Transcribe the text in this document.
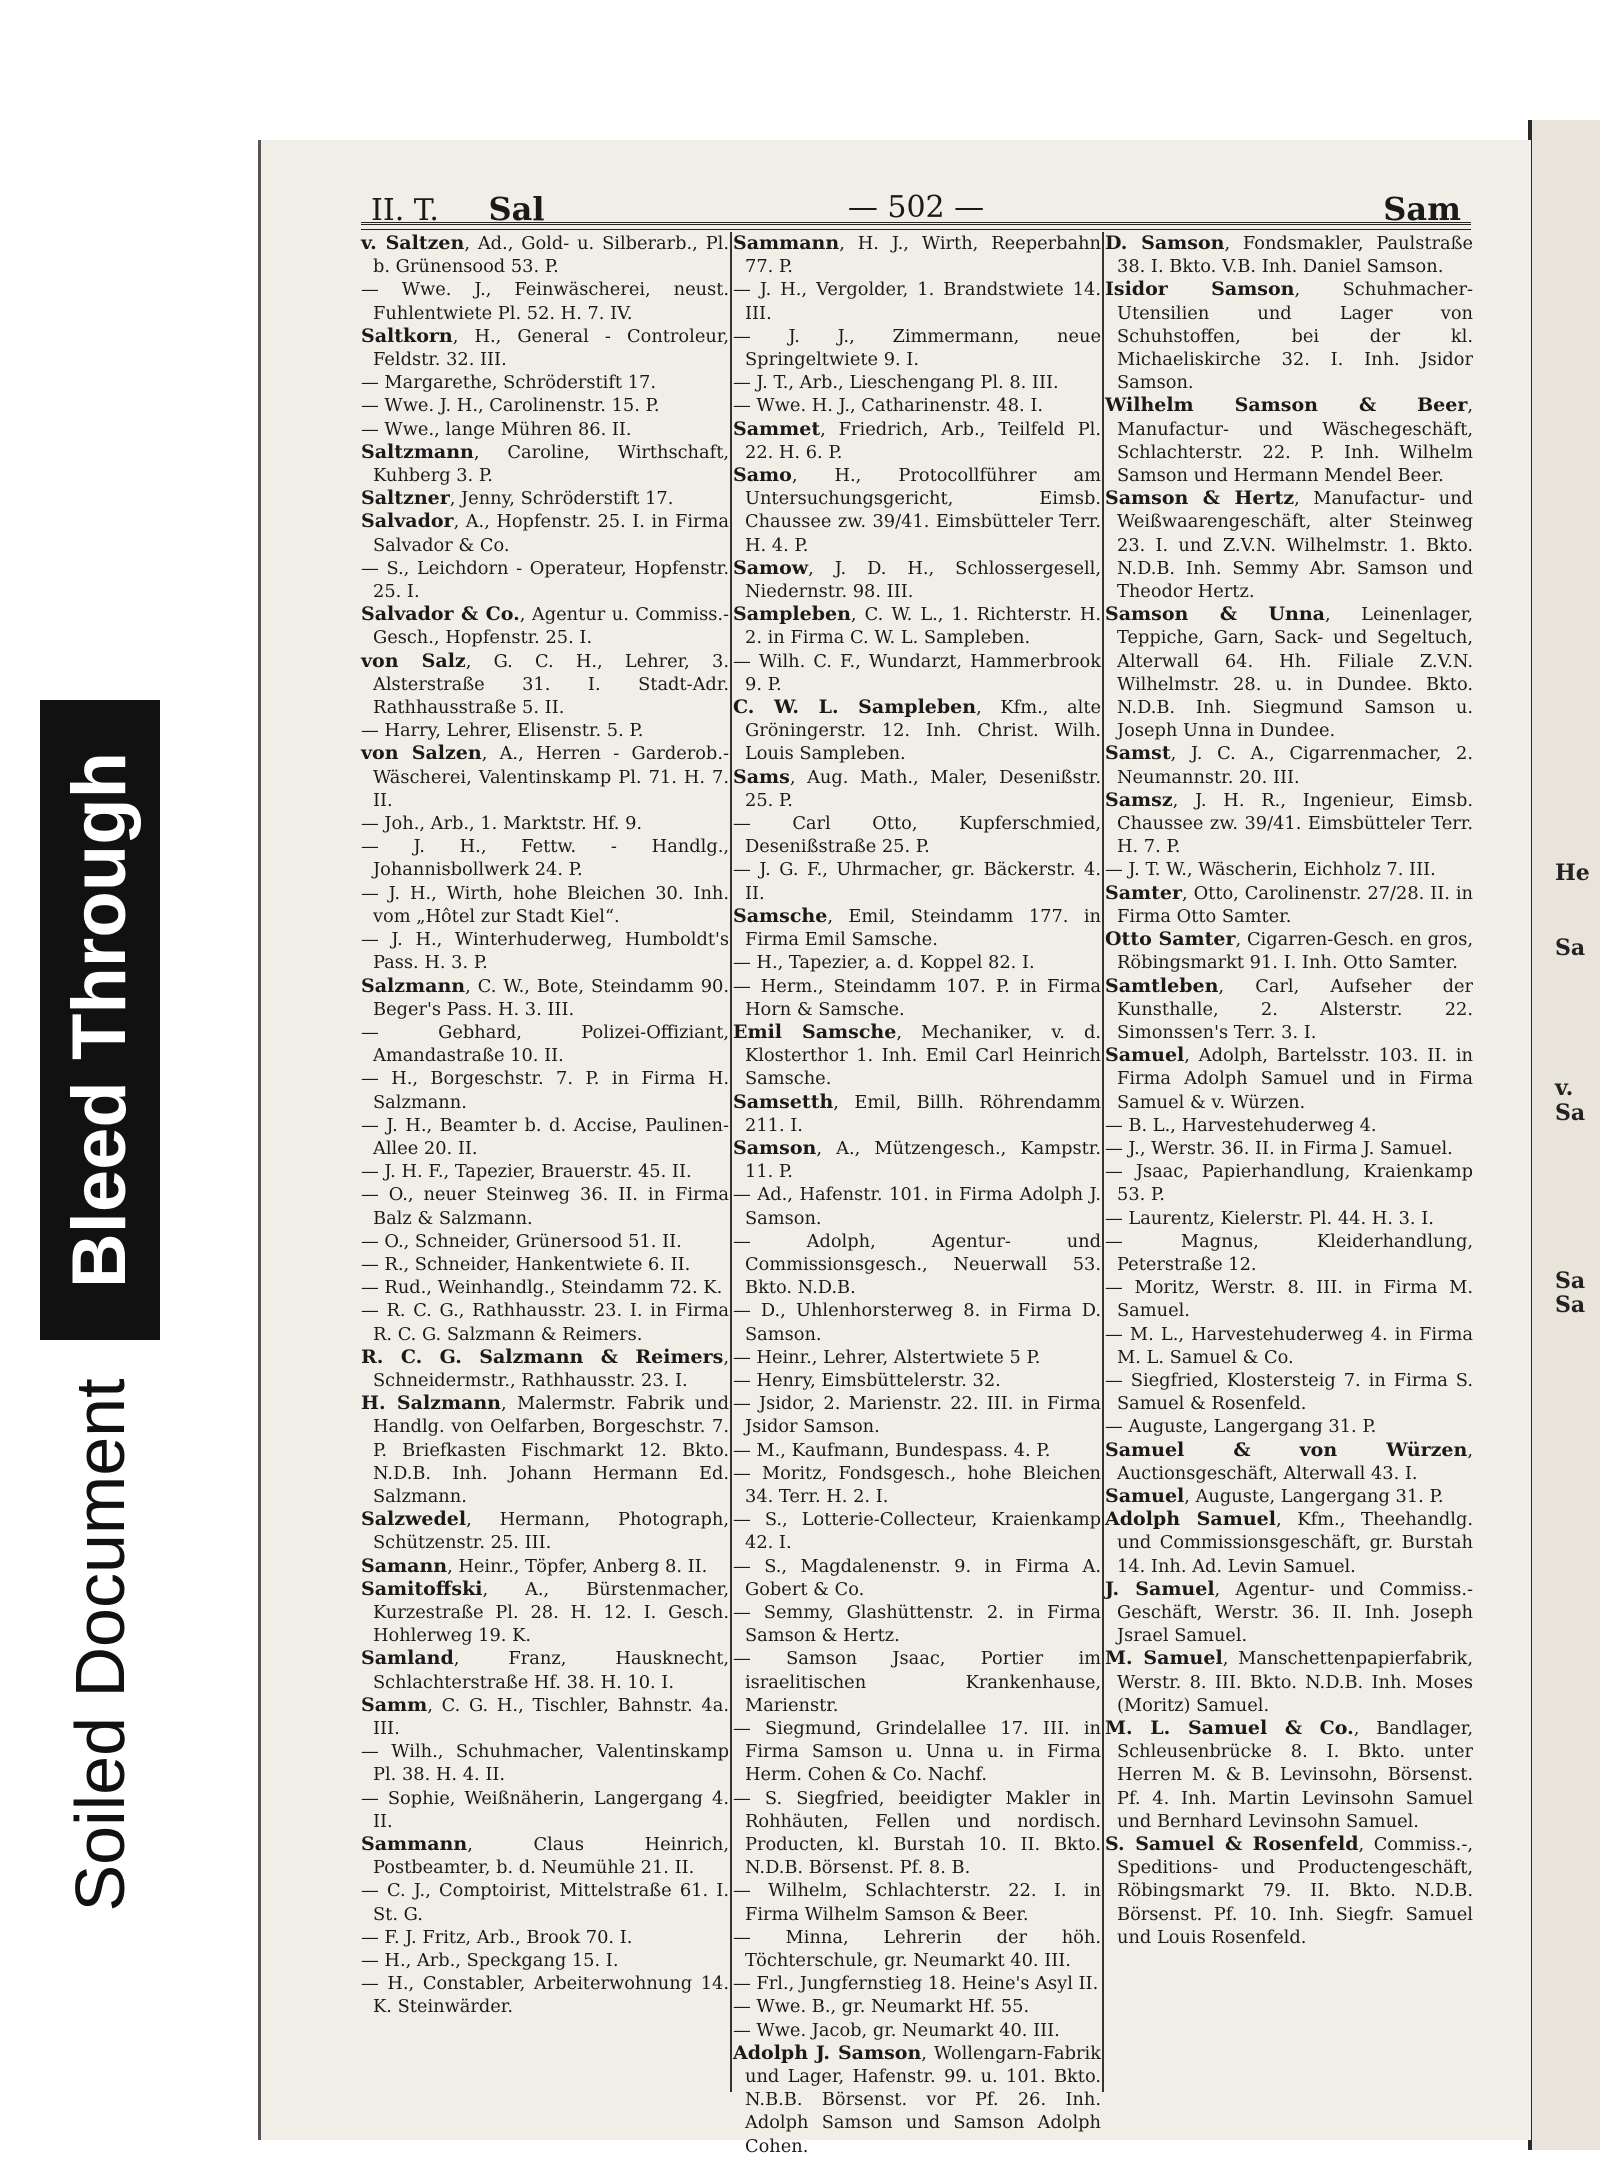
Bleed Through
Soiled Document
He
Sa
v.
Sa
Sa
Sa
II. T. Sal	— 502 —	Sam

v. Saltzen, Ad., Gold- u. Silberarb., Pl. b. Grünensood 53. P.

— Wwe. J., Feinwäscherei, neust. Fuhlentwiete Pl. 52. H. 7. IV.

Saltkorn, H., General - Controleur, Feldstr. 32. III.

— Margarethe, Schröderstift 17.

— Wwe. J. H., Carolinenstr. 15. P.

— Wwe., lange Mühren 86. II.

Saltzmann, Caroline, Wirthschaft, Kuhberg 3. P.

Saltzner, Jenny, Schröderstift 17.

Salvador, A., Hopfenstr. 25. I. in Firma Salvador & Co.

— S., Leichdorn - Operateur, Hopfenstr. 25. I.

Salvador & Co., Agentur u. Commiss.-Gesch., Hopfenstr. 25. I.

von Salz, G. C. H., Lehrer, 3. Alsterstraße 31. I. Stadt-Adr. Rathhausstraße 5. II.

— Harry, Lehrer, Elisenstr. 5. P.

von Salzen, A., Herren - Garderob.-Wäscherei, Valentinskamp Pl. 71. H. 7. II.

— Joh., Arb., 1. Marktstr. Hf. 9.

— J. H., Fettw. - Handlg., Johannisbollwerk 24. P.

— J. H., Wirth, hohe Bleichen 30. Inh. vom „Hôtel zur Stadt Kiel“.

— J. H., Winterhuderweg, Humboldt's Pass. H. 3. P.

Salzmann, C. W., Bote, Steindamm 90. Beger's Pass. H. 3. III.

— Gebhard, Polizei-Offiziant, Amandastraße 10. II.

— H., Borgeschstr. 7. P. in Firma H. Salzmann.

— J. H., Beamter b. d. Accise, Paulinen-Allee 20. II.

— J. H. F., Tapezier, Brauerstr. 45. II.

— O., neuer Steinweg 36. II. in Firma Balz & Salzmann.

— O., Schneider, Grünersood 51. II.

— R., Schneider, Hankentwiete 6. II.

— Rud., Weinhandlg., Steindamm 72. K.

— R. C. G., Rathhausstr. 23. I. in Firma R. C. G. Salzmann & Reimers.

R. C. G. Salzmann & Reimers, Schneidermstr., Rathhausstr. 23. I.

H. Salzmann, Malermstr. Fabrik und Handlg. von Oelfarben, Borgeschstr. 7. P. Briefkasten Fischmarkt 12. Bkto. N.D.B. Inh. Johann Hermann Ed. Salzmann.

Salzwedel, Hermann, Photograph, Schützenstr. 25. III.

Samann, Heinr., Töpfer, Anberg 8. II.

Samitoffski, A., Bürstenmacher, Kurzestraße Pl. 28. H. 12. I. Gesch. Hohlerweg 19. K.

Samland, Franz, Hausknecht, Schlachterstraße Hf. 38. H. 10. I.

Samm, C. G. H., Tischler, Bahnstr. 4a. III.

— Wilh., Schuhmacher, Valentinskamp Pl. 38. H. 4. II.

— Sophie, Weißnäherin, Langergang 4. II.

Sammann, Claus Heinrich, Postbeamter, b. d. Neumühle 21. II.

— C. J., Comptoirist, Mittelstraße 61. I. St. G.

— F. J. Fritz, Arb., Brook 70. I.

— H., Arb., Speckgang 15. I.

— H., Constabler, Arbeiterwohnung 14. K. Steinwärder.

Sammann, H. J., Wirth, Reeperbahn 77. P.

— J. H., Vergolder, 1. Brandstwiete 14. III.

— J. J., Zimmermann, neue Springeltwiete 9. I.

— J. T., Arb., Lieschengang Pl. 8. III.

— Wwe. H. J., Catharinenstr. 48. I.

Sammet, Friedrich, Arb., Teilfeld Pl. 22. H. 6. P.

Samo, H., Protocollführer am Untersuchungsgericht, Eimsb. Chaussee zw. 39/41. Eimsbütteler Terr. H. 4. P.

Samow, J. D. H., Schlossergesell, Niedernstr. 98. III.

Sampleben, C. W. L., 1. Richterstr. H. 2. in Firma C. W. L. Sampleben.

— Wilh. C. F., Wundarzt, Hammerbrook 9. P.

C. W. L. Sampleben, Kfm., alte Gröningerstr. 12. Inh. Christ. Wilh. Louis Sampleben.

Sams, Aug. Math., Maler, Desenißstr. 25. P.

— Carl Otto, Kupferschmied, Desenißstraße 25. P.

— J. G. F., Uhrmacher, gr. Bäckerstr. 4. II.

Samsche, Emil, Steindamm 177. in Firma Emil Samsche.

— H., Tapezier, a. d. Koppel 82. I.

— Herm., Steindamm 107. P. in Firma Horn & Samsche.

Emil Samsche, Mechaniker, v. d. Klosterthor 1. Inh. Emil Carl Heinrich Samsche.

Samsetth, Emil, Billh. Röhrendamm 211. I.

Samson, A., Mützengesch., Kampstr. 11. P.

— Ad., Hafenstr. 101. in Firma Adolph J. Samson.

— Adolph, Agentur- und Commissionsgesch., Neuerwall 53. Bkto. N.D.B.

— D., Uhlenhorsterweg 8. in Firma D. Samson.

— Heinr., Lehrer, Alstertwiete 5 P.

— Henry, Eimsbüttelerstr. 32.

— Jsidor, 2. Marienstr. 22. III. in Firma Jsidor Samson.

— M., Kaufmann, Bundespass. 4. P.

— Moritz, Fondsgesch., hohe Bleichen 34. Terr. H. 2. I.

— S., Lotterie-Collecteur, Kraienkamp 42. I.

— S., Magdalenenstr. 9. in Firma A. Gobert & Co.

— Semmy, Glashüttenstr. 2. in Firma Samson & Hertz.

— Samson Jsaac, Portier im israelitischen Krankenhause, Marienstr.

— Siegmund, Grindelallee 17. III. in Firma Samson u. Unna u. in Firma Herm. Cohen & Co. Nachf.

— S. Siegfried, beeidigter Makler in Rohhäuten, Fellen und nordisch. Producten, kl. Burstah 10. II. Bkto. N.D.B. Börsenst. Pf. 8. B.

— Wilhelm, Schlachterstr. 22. I. in Firma Wilhelm Samson & Beer.

— Minna, Lehrerin der höh. Töchterschule, gr. Neumarkt 40. III.

— Frl., Jungfernstieg 18. Heine's Asyl II.

— Wwe. B., gr. Neumarkt Hf. 55.

— Wwe. Jacob, gr. Neumarkt 40. III.

Adolph J. Samson, Wollengarn-Fabrik und Lager, Hafenstr. 99. u. 101. Bkto. N.B.B. Börsenst. vor Pf. 26. Inh. Adolph Samson und Samson Adolph Cohen.

D. Samson, Fondsmakler, Paulstraße 38. I. Bkto. V.B. Inh. Daniel Samson.

Isidor Samson, Schuhmacher-Utensilien und Lager von Schuhstoffen, bei der kl. Michaeliskirche 32. I. Inh. Jsidor Samson.

Wilhelm Samson & Beer, Manufactur- und Wäschegeschäft, Schlachterstr. 22. P. Inh. Wilhelm Samson und Hermann Mendel Beer.

Samson & Hertz, Manufactur- und Weißwaarengeschäft, alter Steinweg 23. I. und Z.V.N. Wilhelmstr. 1. Bkto. N.D.B. Inh. Semmy Abr. Samson und Theodor Hertz.

Samson & Unna, Leinenlager, Teppiche, Garn, Sack- und Segeltuch, Alterwall 64. Hh. Filiale Z.V.N. Wilhelmstr. 28. u. in Dundee. Bkto. N.D.B. Inh. Siegmund Samson u. Joseph Unna in Dundee.

Samst, J. C. A., Cigarrenmacher, 2. Neumannstr. 20. III.

Samsz, J. H. R., Ingenieur, Eimsb. Chaussee zw. 39/41. Eimsbütteler Terr. H. 7. P.

— J. T. W., Wäscherin, Eichholz 7. III.

Samter, Otto, Carolinenstr. 27/28. II. in Firma Otto Samter.

Otto Samter, Cigarren-Gesch. en gros, Röbingsmarkt 91. I. Inh. Otto Samter.

Samtleben, Carl, Aufseher der Kunsthalle, 2. Alsterstr. 22. Simonssen's Terr. 3. I.

Samuel, Adolph, Bartelsstr. 103. II. in Firma Adolph Samuel und in Firma Samuel & v. Würzen.

— B. L., Harvestehuderweg 4.

— J., Werstr. 36. II. in Firma J. Samuel.

— Jsaac, Papierhandlung, Kraienkamp 53. P.

— Laurentz, Kielerstr. Pl. 44. H. 3. I.

— Magnus, Kleiderhandlung, Peterstraße 12.

— Moritz, Werstr. 8. III. in Firma M. Samuel.

— M. L., Harvestehuderweg 4. in Firma M. L. Samuel & Co.

— Siegfried, Klostersteig 7. in Firma S. Samuel & Rosenfeld.

— Auguste, Langergang 31. P.

Samuel & von Würzen, Auctionsgeschäft, Alterwall 43. I.

Samuel, Auguste, Langergang 31. P.

Adolph Samuel, Kfm., Theehandlg. und Commissionsgeschäft, gr. Burstah 14. Inh. Ad. Levin Samuel.

J. Samuel, Agentur- und Commiss.-Geschäft, Werstr. 36. II. Inh. Joseph Jsrael Samuel.

M. Samuel, Manschettenpapierfabrik, Werstr. 8. III. Bkto. N.D.B. Inh. Moses (Moritz) Samuel.

M. L. Samuel & Co., Bandlager, Schleusenbrücke 8. I. Bkto. unter Herren M. & B. Levinsohn, Börsenst. Pf. 4. Inh. Martin Levinsohn Samuel und Bernhard Levinsohn Samuel.

S. Samuel & Rosenfeld, Commiss.-, Speditions- und Productengeschäft, Röbingsmarkt 79. II. Bkto. N.D.B. Börsenst. Pf. 10. Inh. Siegfr. Samuel und Louis Rosenfeld.
